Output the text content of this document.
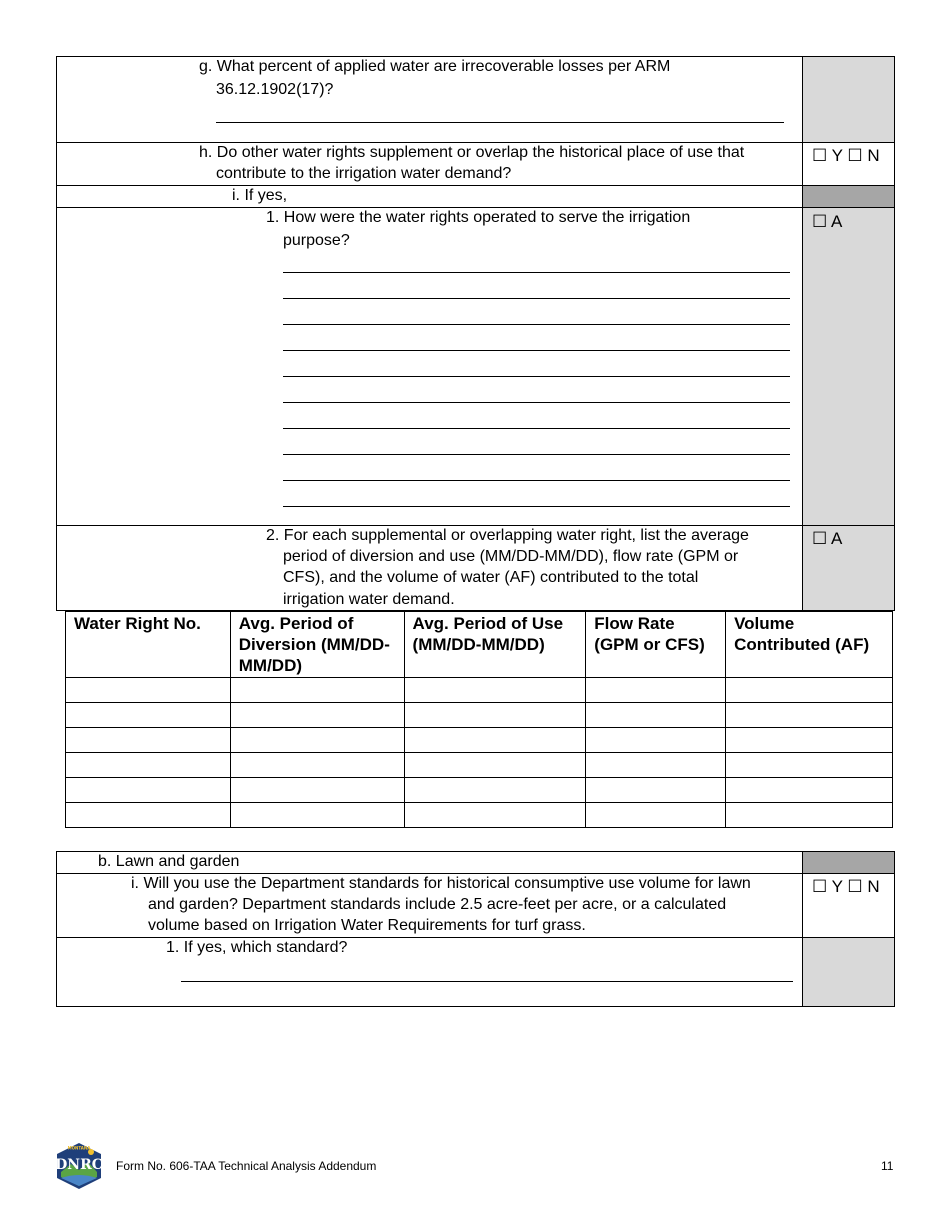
g. What percent of applied water are irrecoverable losses per ARM
36.12.1902(17)?
h. Do other water rights supplement or overlap the historical place of use that
contribute to the irrigation water demand?
☐ Y ☐ N
i. If yes,
1. How were the water rights operated to serve the irrigation
purpose?
☐ A
2. For each supplemental or overlapping water right, list the average
period of diversion and use (MM/DD-MM/DD), flow rate (GPM or
CFS), and the volume of water (AF) contributed to the total
irrigation water demand.
☐ A
Water Right No.	Avg. Period of Diversion (MM/DD-MM/DD)	Avg. Period of Use (MM/DD-MM/DD)	Flow Rate (GPM or CFS)	Volume Contributed (AF)

b. Lawn and garden
i. Will you use the Department standards for historical consumptive use volume for lawn
and garden? Department standards include 2.5 acre-feet per acre, or a calculated
volume based on Irrigation Water Requirements for turf grass.
☐ Y ☐ N
1. If yes, which standard?
MONTANA
DNRC Form No. 606-TAA Technical Analysis Addendum	11
